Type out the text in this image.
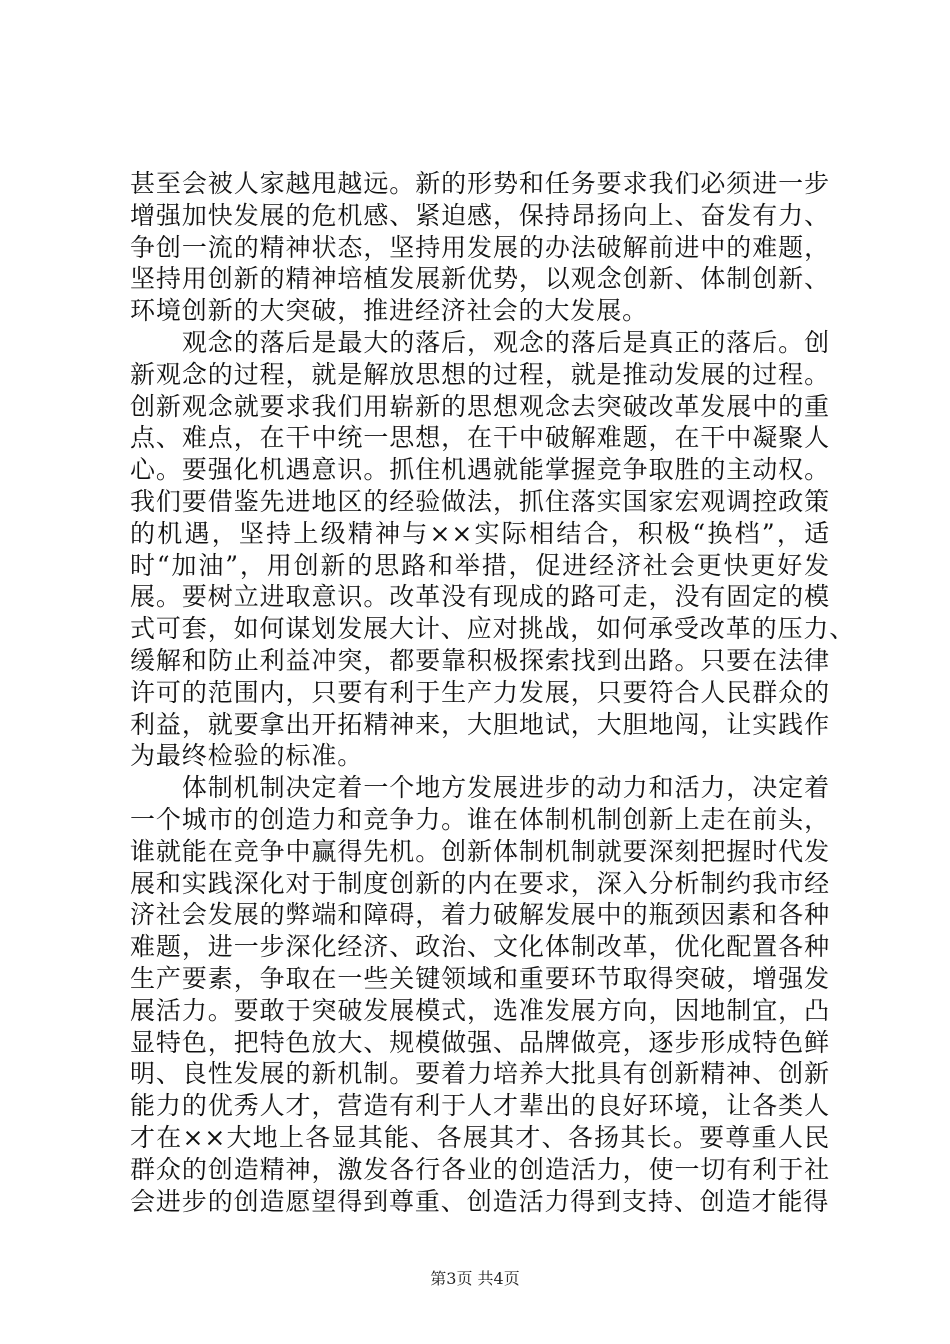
甚至会被人家越甩越远。新的形势和任务要求我们必须进一步
增强加快发展的危机感、紧迫感，保持昂扬向上、奋发有力、
争创一流的精神状态，坚持用发展的办法破解前进中的难题，
坚持用创新的精神培植发展新优势，以观念创新、体制创新、
环境创新的大突破，推进经济社会的大发展。
　　观念的落后是最大的落后，观念的落后是真正的落后。创
新观念的过程，就是解放思想的过程，就是推动发展的过程。
创新观念就要求我们用崭新的思想观念去突破改革发展中的重
点、难点，在干中统一思想，在干中破解难题，在干中凝聚人
心。要强化机遇意识。抓住机遇就能掌握竞争取胜的主动权。
我们要借鉴先进地区的经验做法，抓住落实国家宏观调控政策
的机遇，坚持上级精神与××实际相结合，积极“换档”，适
时“加油”，用创新的思路和举措，促进经济社会更快更好发
展。要树立进取意识。改革没有现成的路可走，没有固定的模
式可套，如何谋划发展大计、应对挑战，如何承受改革的压力、
缓解和防止利益冲突，都要靠积极探索找到出路。只要在法律
许可的范围内，只要有利于生产力发展，只要符合人民群众的
利益，就要拿出开拓精神来，大胆地试，大胆地闯，让实践作
为最终检验的标准。
　　体制机制决定着一个地方发展进步的动力和活力，决定着
一个城市的创造力和竞争力。谁在体制机制创新上走在前头，
谁就能在竞争中赢得先机。创新体制机制就要深刻把握时代发
展和实践深化对于制度创新的内在要求，深入分析制约我市经
济社会发展的弊端和障碍，着力破解发展中的瓶颈因素和各种
难题，进一步深化经济、政治、文化体制改革，优化配置各种
生产要素，争取在一些关键领域和重要环节取得突破，增强发
展活力。要敢于突破发展模式，选准发展方向，因地制宜，凸
显特色，把特色放大、规模做强、品牌做亮，逐步形成特色鲜
明、良性发展的新机制。要着力培养大批具有创新精神、创新
能力的优秀人才，营造有利于人才辈出的良好环境，让各类人
才在××大地上各显其能、各展其才、各扬其长。要尊重人民
群众的创造精神，激发各行各业的创造活力，使一切有利于社
会进步的创造愿望得到尊重、创造活力得到支持、创造才能得
第3页 共4页
